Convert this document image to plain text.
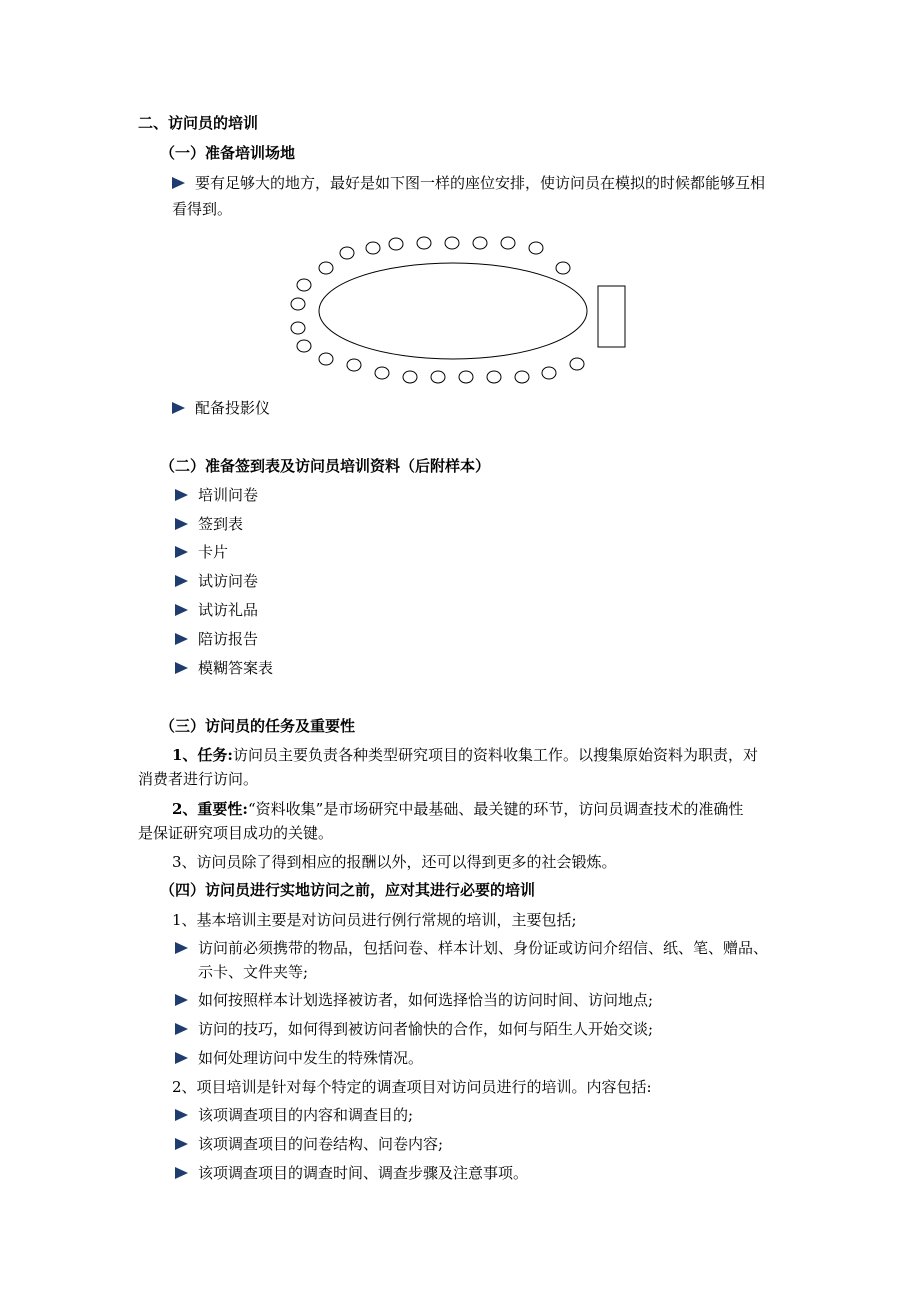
二、访问员的培训
（一）准备培训场地
要有足够大的地方，最好是如下图一样的座位安排，使访问员在模拟的时候都能够互相
看得到。
配备投影仪
（二）准备签到表及访问员培训资料（后附样本）
培训问卷
签到表
卡片
试访问卷
试访礼品
陪访报告
模糊答案表
（三）访问员的任务及重要性
1、任务:访问员主要负责各种类型研究项目的资料收集工作。以搜集原始资料为职责，对
消费者进行访问。
2、重要性:“资料收集”是市场研究中最基础、最关键的环节，访问员调查技术的准确性
是保证研究项目成功的关键。
3、访问员除了得到相应的报酬以外，还可以得到更多的社会锻炼。
（四）访问员进行实地访问之前，应对其进行必要的培训
1、基本培训主要是对访问员进行例行常规的培训，主要包括;
访问前必须携带的物品，包括问卷、样本计划、身份证或访问介绍信、纸、笔、赠品、
示卡、文件夹等;
如何按照样本计划选择被访者，如何选择恰当的访问时间、访问地点;
访问的技巧，如何得到被访问者愉快的合作，如何与陌生人开始交谈;
如何处理访问中发生的特殊情况。
2、项目培训是针对每个特定的调查项目对访问员进行的培训。内容包括:
该项调查项目的内容和调查目的;
该项调查项目的问卷结构、问卷内容;
该项调查项目的调查时间、调查步骤及注意事项。
